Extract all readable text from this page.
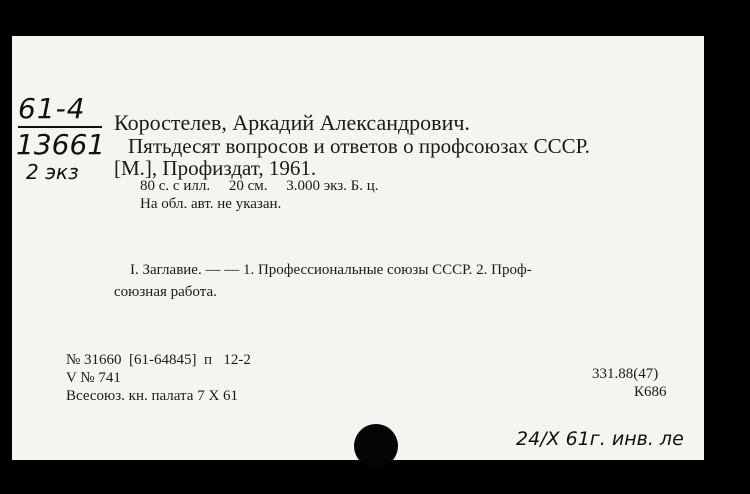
61-4
13661
2 экз
Коростелев, Аркадий Александрович.
Пятьдесят вопросов и ответов о профсоюзах СССР.
[М.], Профиздат, 1961.
80 с. с илл.     20 см.     3.000 экз. Б. ц.
На обл. авт. не указан.
I. Заглавие. — — 1. Профессиональные союзы СССР. 2. Проф-
союзная работа.
№ 31660  [61-64845]  п   12-2
V № 741
Всесоюз. кн. палата 7 X 61
331.88(47)
К686
24/X 61г. инв. ле
